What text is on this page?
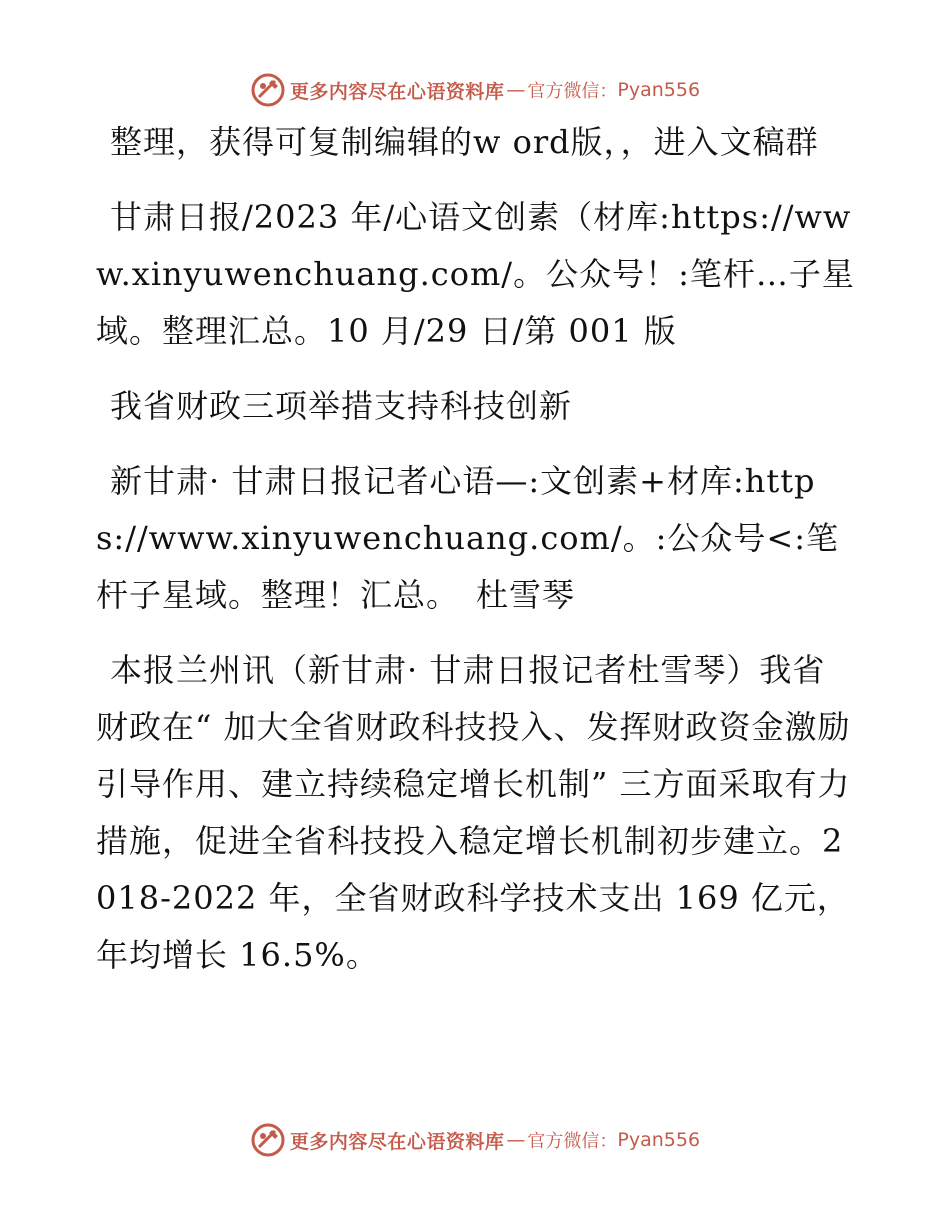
更多内容尽在心语资料库 — 官方微信： Pyan556

整理，获得可复制编辑的w ord版，，进入文稿群

甘肃日报/2023 年/心语文创素（材库:https://www.xinyuwenchuang.com/。公众号！:笔杆…子星域。整理汇总。10 月/29 日/第 001 版

我省财政三项举措支持科技创新

新甘肃· 甘肃日报记者心语—:文创素+材库:https://www.xinyuwenchuang.com/。:公众号<:笔杆子星域。整理！汇总。　杜雪琴

本报兰州讯（新甘肃· 甘肃日报记者杜雪琴）我省财政在“ 加大全省财政科技投入、发挥财政资金激励引导作用、建立持续稳定增长机制” 三方面采取有力措施，促进全省科技投入稳定增长机制初步建立。2018-2022 年，全省财政科学技术支出 169 亿元，年均增长 16.5%。

更多内容尽在心语资料库 — 官方微信： Pyan556
